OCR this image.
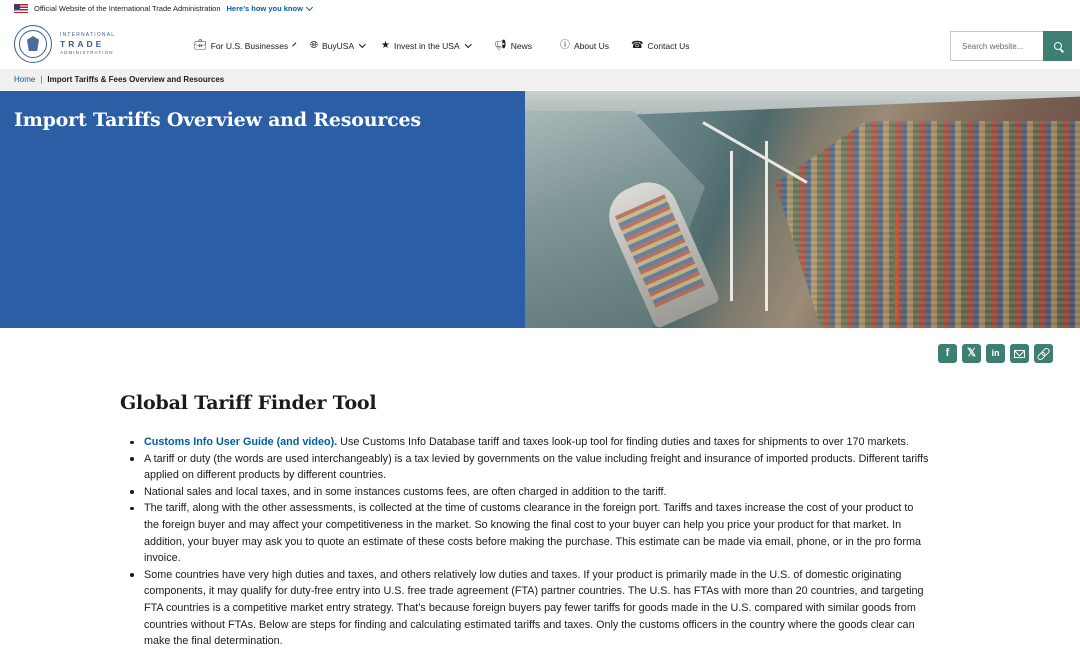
Official Website of the International Trade Administration Here’s how you know
INTERNATIONAL
TRADE
ADMINISTRATION
💼︎ For U.S. Businesses 🌐︎ BuyUSA	★ Invest in the USA	📢︎ News	ⓘ About Us ☎ Contact Us
Search website...
Home | Import Tariffs & Fees Overview and Resources
Import Tariffs Overview and Resources
f 𝕏 in
Global Tariff Finder Tool
Customs Info User Guide (and video). Use Customs Info Database tariff and taxes look-up tool for finding duties and taxes for shipments to over 170 markets.
A tariff or duty (the words are used interchangeably) is a tax levied by governments on the value including freight and insurance of imported products. Different tariffs applied on different products by different countries.
National sales and local taxes, and in some instances customs fees, are often charged in addition to the tariff.
The tariff, along with the other assessments, is collected at the time of customs clearance in the foreign port. Tariffs and taxes increase the cost of your product to the foreign buyer and may affect your competitiveness in the market. So knowing the final cost to your buyer can help you price your product for that market. In addition, your buyer may ask you to quote an estimate of these costs before making the purchase. This estimate can be made via email, phone, or in the pro forma invoice.
Some countries have very high duties and taxes, and others relatively low duties and taxes. If your product is primarily made in the U.S. of domestic originating components, it may qualify for duty-free entry into U.S. free trade agreement (FTA) partner countries. The U.S. has FTAs with more than 20 countries, and targeting FTA countries is a competitive market entry strategy. That’s because foreign buyers pay fewer tariffs for goods made in the U.S. compared with similar goods from countries without FTAs. Below are steps for finding and calculating estimated tariffs and taxes. Only the customs officers in the country where the goods clear can make the final determination.
